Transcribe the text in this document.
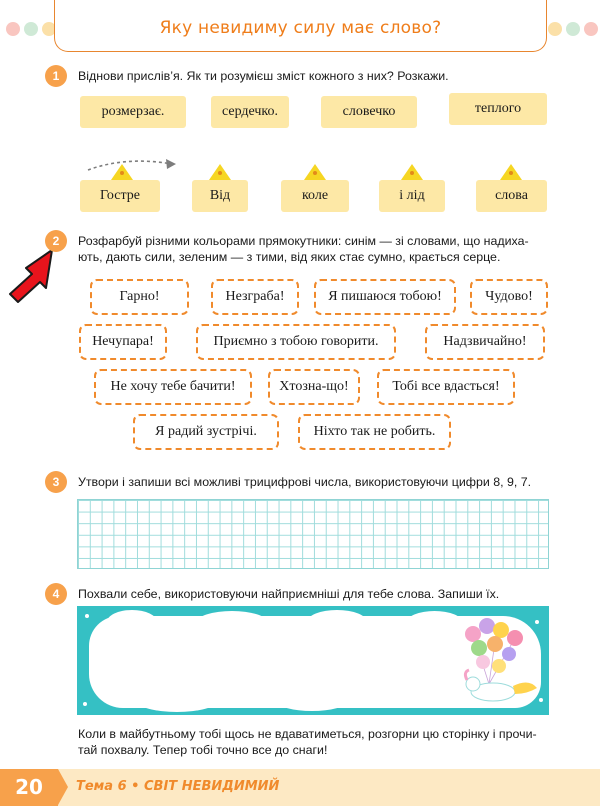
Яку невидиму силу має слово?
1	Віднови прислів’я. Як ти розумієш зміст кожного з них? Розкажи.
розмерзає.	сердечко.	словечко	теплого
Гостре	Від	коле	і лід	слова
2	Розфарбуй різними кольорами прямокутники: синім — зі словами, що надиха-
ють, дають сили, зеленим — з тими, від яких стає сумно, крається серце.
Гарно!	Незграба!	Я пишаюся тобою!	Чудово!
Нечупара!	Приємно з тобою говорити.	Надзвичайно!
Не хочу тебе бачити!	Хтозна-що!	Тобі все вдасться!
Я радий зустрічі.	Ніхто так не робить.
3	Утвори і запиши всі можливі трицифрові числа, використовуючи цифри 8, 9, 7.
4	Похвали себе, використовуючи найприємніші для тебе слова. Запиши їх.
Коли в майбутньому тобі щось не вдаватиметься, розгорни цю сторінку і прочи-
тай похвалу. Тепер тобі точно все до снаги!
20	Тема 6 • СВІТ НЕВИДИМИЙ
